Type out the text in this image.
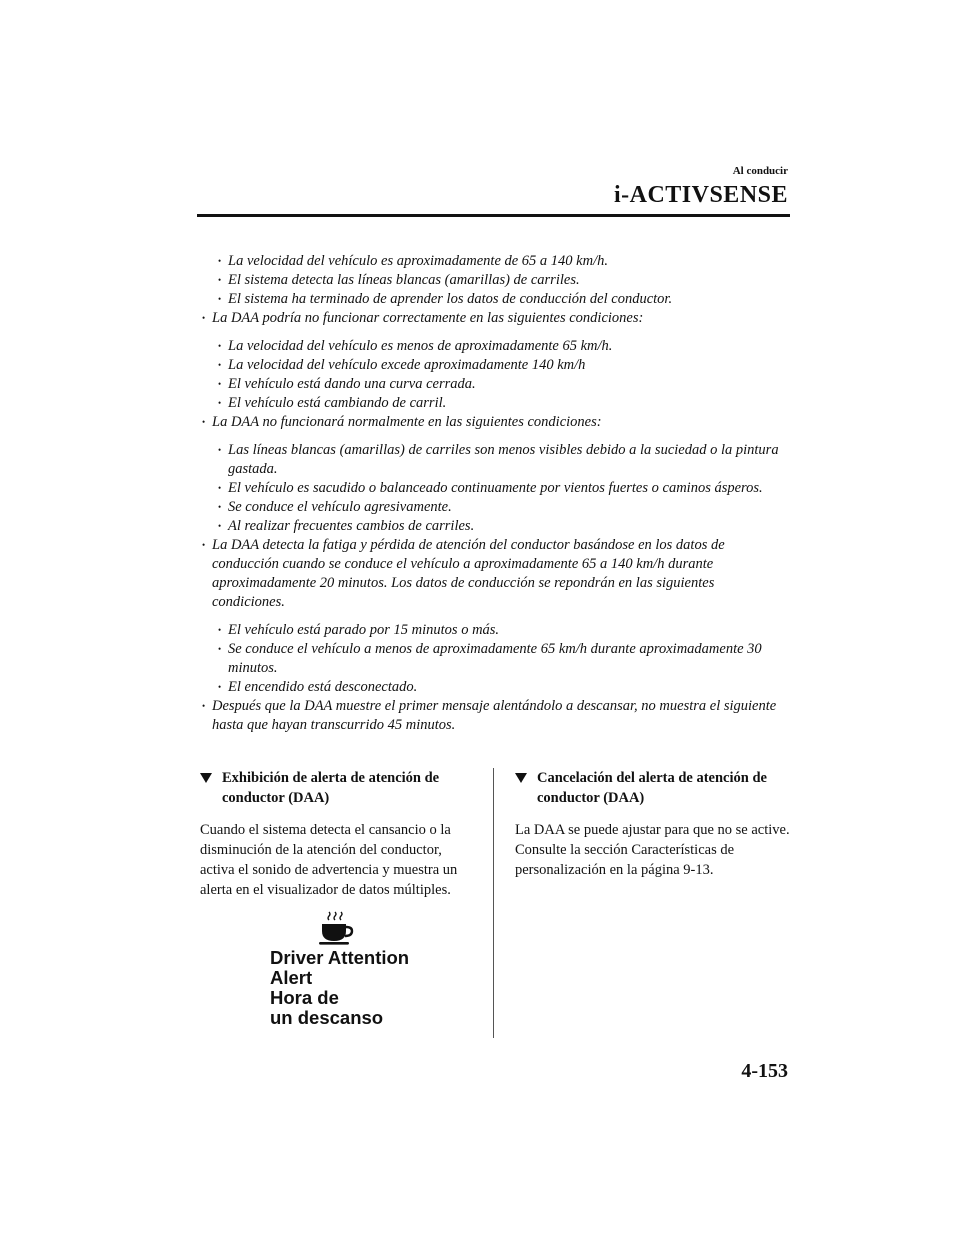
Al conducir
i-ACTIVSENSE
• La velocidad del vehículo es aproximadamente de 65 a 140 km/h.
• El sistema detecta las líneas blancas (amarillas) de carriles.
• El sistema ha terminado de aprender los datos de conducción del conductor.
• La DAA podría no funcionar correctamente en las siguientes condiciones:
• La velocidad del vehículo es menos de aproximadamente 65 km/h.
• La velocidad del vehículo excede aproximadamente 140 km/h
• El vehículo está dando una curva cerrada.
• El vehículo está cambiando de carril.
• La DAA no funcionará normalmente en las siguientes condiciones:
• Las líneas blancas (amarillas) de carriles son menos visibles debido a la suciedad o la pintura gastada.
• El vehículo es sacudido o balanceado continuamente por vientos fuertes o caminos ásperos.
• Se conduce el vehículo agresivamente.
• Al realizar frecuentes cambios de carriles.
• La DAA detecta la fatiga y pérdida de atención del conductor basándose en los datos de conducción cuando se conduce el vehículo a aproximadamente 65 a 140 km/h durante aproximadamente 20 minutos. Los datos de conducción se repondrán en las siguientes condiciones.
• El vehículo está parado por 15 minutos o más.
• Se conduce el vehículo a menos de aproximadamente 65 km/h durante aproximadamente 30 minutos.
• El encendido está desconectado.
• Después que la DAA muestre el primer mensaje alentándolo a descansar, no muestra el siguiente hasta que hayan transcurrido 45 minutos.
Exhibición de alerta de atención de conductor (DAA)

Cuando el sistema detecta el cansancio o la disminución de la atención del conductor, activa el sonido de advertencia y muestra un alerta en el visualizador de datos múltiples.

Driver Attention
Alert
Hora de
un descanso
Cancelación del alerta de atención de conductor (DAA)

La DAA se puede ajustar para que no se active.

Consulte la sección Características de personalización en la página 9-13.

4-153
